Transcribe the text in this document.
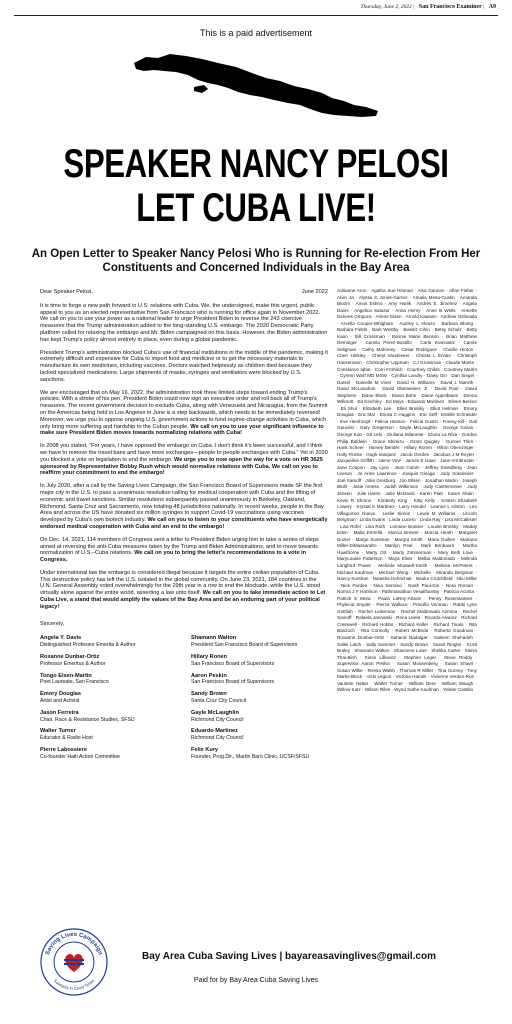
Thursday, June 2, 2022 | San Francisco Examiner | A9
This is a paid advertisement
SPEAKER NANCY PELOSI
LET CUBA LIVE!
An Open Letter to Speaker Nancy Pelosi Who is Running for Re-election From Her Constituents and Concerned Individuals in the Bay Area
Dear Speaker Pelosi,	June 2022

It is time to forge a new path forward in U.S. relations with Cuba. We, the undersigned, make this urgent, public appeal to you as an elected representative from San Francisco who is running for office again in November 2022. We call on you to use your power as a national leader to urge President Biden to reverse the 243 coercive measures that the Trump administration added to the long-standing U.S. embargo. The 2020 Democratic Party platform called for relaxing the embargo and Mr. Biden campaigned on this basis. However, the Biden administration has kept Trump's policy almost entirely in place, even during a global pandemic.

President Trump's administration blocked Cuba's use of financial institutions in the middle of the pandemic, making it extremely difficult and expensive for Cuba to import food and medicine or to get the necessary materials to manufacture its own medicines, including vaccines. Doctors watched helplessly as children died because they lacked specialized medications. Large shipments of masks, syringes and ventilators were blocked by U.S. sanctions.

We are encouraged that on May 16, 2022, the administration took three limited steps toward ending Trump's policies. With a stroke of his pen, President Biden could now sign an executive order and roll back all of Trump's measures. The recent government decision to exclude Cuba, along with Venezuela and Nicaragua, from the Summit on the Americas being held in Los Angeles in June is a step backwards, which needs to be immediately reversed! Moreover, we urge you to oppose ongoing U.S. government actions to fund regime-change activities in Cuba, which only bring more suffering and hardship to the Cuban people. We call on you to use your significant influence to make sure President Biden moves towards normalizing relations with Cuba!

In 2008 you stated, "For years, I have opposed the embargo on Cuba. I don't think it's been successful, and I think we have to remove the travel bans and have more exchanges—people to people exchanges with Cuba." Yet in 2020 you blocked a vote on legislation to end the embargo. We urge you to now open the way for a vote on HR 3625 sponsored by Representative Bobby Rush which would normalize relations with Cuba. We call on you to reaffirm your commitment to end the embargo!

In July 2020, after a call by the Saving Lives Campaign, the San Francisco Board of Supervisors made SF the first major city in the U.S. to pass a unanimous resolution calling for medical cooperation with Cuba and the lifting of economic and travel sanctions. Similar resolutions subsequently passed unanimously in Berkeley, Oakland, Richmond, Santa Cruz and Sacramento, now totaling 48 jurisdictions nationally. In recent weeks, people in the Bay Area and across the US have donated six million syringes to support Covid-19 vaccinations using vaccines developed by Cuba's own biotech industry. We call on you to listen to your constituents who have energetically endorsed medical cooperation with Cuba and an end to the embargo!

On Dec. 14, 2021, 114 members of Congress sent a letter to President Biden urging him to take a series of steps aimed at reversing the anti-Cuba measures taken by the Trump and Biden Administrations, and to move towards normalization of U.S.–Cuba relations. We call on you to bring the letter's recommendations to a vote in Congress.

Under international law the embargo is considered illegal because it targets the entire civilian population of Cuba. This destructive policy has left the U.S. isolated in the global community. On June 23, 2021, 184 countries in the U.N. General Assembly voted overwhelmingly for the 29th year in a row to end the blockade, while the U.S. stood virtually alone against the entire world, asserting a law unto itself. We call on you to take immediate action to Let Cuba Live, a stand that would amplify the values of the Bay Area and be an enduring part of your political legacy!

Sincerely,
Angela Y. Davis
Distinguished Professor Emerita & Author
Shamann Walton
President San Francisco Board of Supervisors
Roxanne Dunbar-Ortiz
Professor Emeritus & Author
Hillary Ronen
San Francisco Board of Supervisors
Tongo Eisen-Martin
Poet Laureate, San Francisco
Aaron Peskin
San Francisco Board of Supervisors
Emory Douglas
Artist and Activist
Sandy Brown
Santa Cruz City Council
Jason Ferreira
Chair, Race & Resistance Studies, SFSU
Gayle McLaughlin
Richmond City Council
Walter Turner
Educator & Radio Host
Eduardo Martinez
Richmond City Council
Pierre Labossiere
Co-founder Haiti Action Committee
Felix Kury
Founder, Prog.Dir., Martin Baró Clinic, UCSF/SFSU
Adrianne Aron · Agatha Sue Hinman · Aisa Gannon · Allan Fisher · Alvin Ja · Alyssa K Jones-Garner · Amalia Mesa-Gustin · Amanda Bloom · Amos Eshno · Amy Horlik · Andrés E. Jimenez · Angela Davis · Angelica Salazar · Anna Henry · Anne B Wells · Annette Delores Ompoza · Arlene Eisen · Arnold Kawano · Andrew Oshivada · Arvella Cooper-Whigham · Audrey L Alonzo · Barbara Bloing · Barbara Fields · Barit Westby · Beatriz Cihin · Betsy Schulz · Betty Kano · Bill Crossman · Bonnie Marie Benson · Brian Matthew Deminger · Camila Pérez-Bustillo · Carla Kranowitz · Carole Seligman · Cathy Mahoney · Cesar Rodriguez · Charlie Hinton · Chen Hinkley · Cheryl Vandeveer · Christa L Ervaie · Christoph Hansemann · Christopher Uppman · CJ Grossman · Claude Marks · Constance Iqbal · Corri Frohlich · Courtney Childs · Courtney Martin · Cyrenn Warf MD MSW · Cynthia Landry · Daisy Gin · Dan Siegel · Daniel · Danielle M Vinet · David H. Williams · David L Maroth · David McLanahan · David Oberweiser, Jr · David Paul · David Stephens · Diane Block · Diana Bohn · Diane Appelbaum · Donna Willmott · Ed Kinchley · Ed Mays · Eduardo Martinez · Eileen Berkun · Eli Shul · Elizabeth Lee · Ellen Brotsky · Elliot Helman · Emory Douglas · Eric Mar · Ericka C Huggins · Eric Seff · Estelle Schneider · Eve Hershcopf · Felicia Hanson · Felicia Gustin · Fransy Kill · Gail Gauvelo · Gary Gregerson · Gayle McLaughlin · George Golvio · George Koo · Gil Lelo · Giuliana Milanese · Gloria La Riva · Gordon Philip Baldwin · Grace Shimizu · Grant Quigley · Gunnel Thim · Hank Scheer · Harvey Bender · Hillary Ronen · Hilton Obenzinger · Holly Fincke · Hugh Vasquez · Jacob Gerden · Jacobus J M Royter · Jacqueline Griffith · Jaime Vine · James E Haas · Jane Armbruster · Jane Coupon · Jay Lyon · Jean Colam · Jeffrey Smedberg · Jean Leeson · Jo Anne Lawrence · Joaquin Ginaga · Jody Sokolower · Joel Samoff · Jolie Ginsburg · Jon Ellsen · Jonathan Martin · Joseph Bluhl · Josie Amess · Judith Wilkinson · Judy Castlemonse · Judy Jensen · Julie Harris · Julie McDavid · Karen Platt · Karen Shain · Kevin R Shomo · Kimberly King · Kitty Kelly · Kristen Elizabeth Lowery · Krystal K Martinez · Larry Hendel · Leanne L Hinton · Leo Villagomez Nuevo · Leslie Simon · Lewis M Williams · Lincoln Bergman · Linda Evans · Linda Lucero · Linda Ray · Lisa McCallister · Lisa Rofel · Lisa Roth · Lorraine Bowser · Louise Brotsky · Maddy Eden · Malia Entrella · Marcia Brewer · Marcia Heath · Margaret Dozier · Margo Sussman · Margot Smith · Maria Guillen · Mariana Miller-DiMassandro · Marilyn Peal · Mark Birnbaum · Martha Hawthorne · Marty Ott · Marty Zimmerman · Mary Beth Love · MaryLouise Patterson · Maya Eliott · Melba Maldonado · Melinda Langford Power · Melinda Maxwell-Smith · Melissa McPeters · Michael Kaufman · Michael Wong · Michelle · Miranda Bergman · Nancy Kurshan · Natasha Hohrichak · Naoko Crutchfield · Nku Miller · Nick Pardee · Nina Serrano · Noah Paul-Gin · Nora Roman · Norma J F Harrison · Pathmanathan Vesaithamby · Patricia Acosta · Patrick S Mora · Paula LaRoy-Arbutz · Penny Rosenwasser · Phylecia Snyder · Pierce Wallace · Priscilla Vonman · Rabbi Lynn Gottlieb · Rachel Lederman · Rachel Maldonado Azmina · Rachel Samoff · Rafaela Janowski · Rena Lewis · Ricardo Alvarez · Richard Cresswell · Richard Hobbs · Richard Keller · Richard Tinalo · Rita Banzuch · Rita Connolly · Robert McBride · Roberta Goodman · Roxanne Dunbar-Ortiz · Sahand Nadalgar · Saleem Shehadeh · Sallie Latch · Sally Sommer · Sandy Brown · Sarah Ringler · Scott Braley · Shamann Walton · Shavonne Lowe · Shelika Carter · Sierra Thai-Binh · Simin Lifkovitz · Stephen Leger · Steve Roddy · Supervisor Aaron Peskin · Susan Mossenberg · Susan Shawl · Susan Wilke · Teresa Walsh · Thomas R Miller · Tina Gurney · Tony Marks-Block · Vicki Legion · Victoria Hamlin · Vivienne Verdon-Roe · Vaulette Hattar · Walter Turner · William Dere · William Waugh · Willow Katz · Wilson Riles · Wynd Sathe Kaufman · Yeister Castillo
Saving Lives Campaign
Solidarity in Covid Times
Bay Area Cuba Saving Lives | bayareasavinglives@gmail.com
Paid for by Bay Area Cuba Saving Lives
